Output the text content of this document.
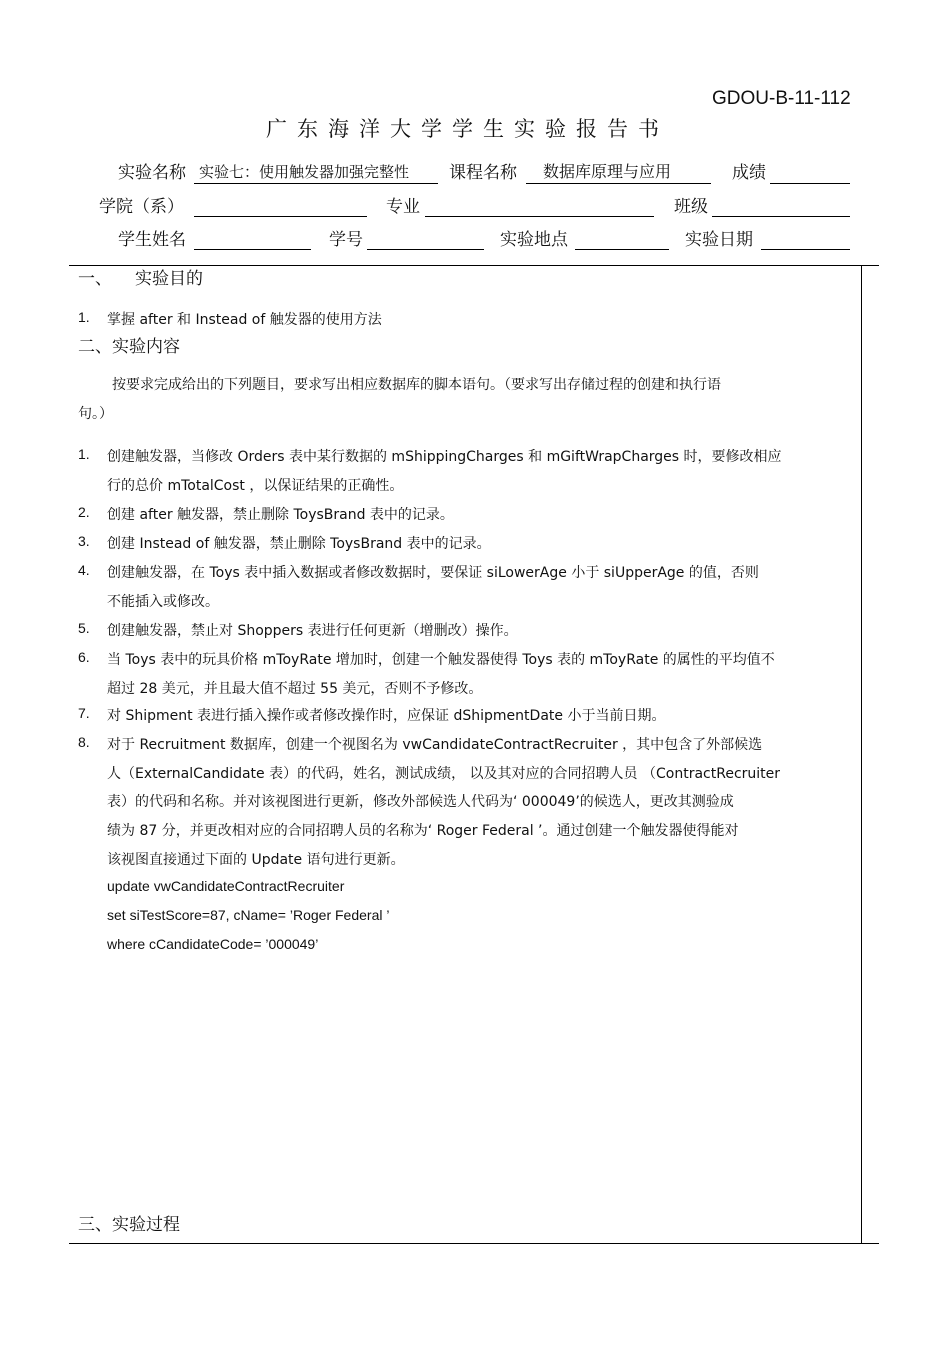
GDOU-B-11-112
广东海洋大学学生实验报告书
实验名称 实验七：使用触发器加强完整性 课程名称 数据库原理与应用	成绩
学院（系）	专业	班级
学生姓名	学号	实验地点	实验日期
一、 实验目的
1.	掌握 after 和 Instead of 触发器的使用方法
二、实验内容
按要求完成给出的下列题目，要求写出相应数据库的脚本语句。（要求写出存储过程的创建和执行语
句。）
1.	创建触发器，当修改 Orders 表中某行数据的 mShippingCharges 和 mGiftWrapCharges 时，要修改相应
行的总价 mTotalCost ，以保证结果的正确性。
2.	创建 after 触发器，禁止删除 ToysBrand 表中的记录。
3.	创建 Instead of 触发器，禁止删除 ToysBrand 表中的记录。
4.	创建触发器，在 Toys 表中插入数据或者修改数据时，要保证 siLowerAge 小于 siUpperAge 的值，否则
不能插入或修改。
5.	创建触发器，禁止对 Shoppers 表进行任何更新（增删改）操作。
6.	当 Toys 表中的玩具价格 mToyRate 增加时，创建一个触发器使得 Toys 表的 mToyRate 的属性的平均值不
超过 28 美元，并且最大值不超过 55 美元，否则不予修改。
7.	对 Shipment 表进行插入操作或者修改操作时，应保证 dShipmentDate 小于当前日期。
8.	对于 Recruitment 数据库，创建一个视图名为 vwCandidateContractRecruiter ，其中包含了外部候选
人（ExternalCandidate 表）的代码，姓名，测试成绩， 以及其对应的合同招聘人员 （ContractRecruiter
表）的代码和名称。并对该视图进行更新，修改外部候选人代码为‘ 000049’的候选人，更改其测验成
绩为 87 分，并更改相对应的合同招聘人员的名称为‘ Roger Federal ’。通过创建一个触发器使得能对
该视图直接通过下面的 Update 语句进行更新。
update vwCandidateContractRecruiter
set siTestScore=87, cName= ’Roger Federal ’
where cCandidateCode= ’000049’
三、实验过程
